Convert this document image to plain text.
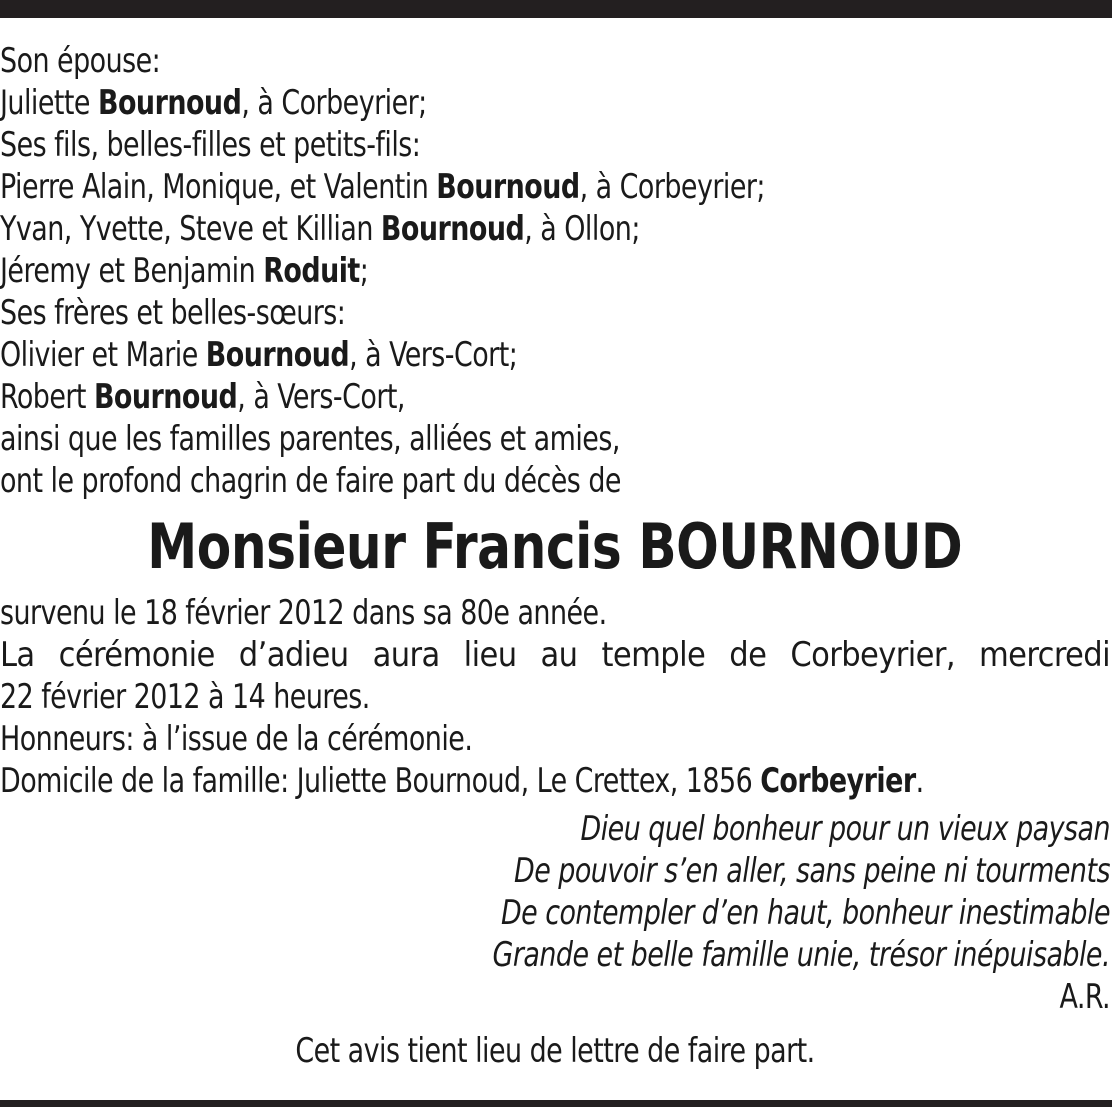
Son épouse:
Juliette Bournoud, à Corbeyrier;
Ses fils, belles-filles et petits-fils:
Pierre Alain, Monique, et Valentin Bournoud, à Corbeyrier;
Yvan, Yvette, Steve et Killian Bournoud, à Ollon;
Jéremy et Benjamin Roduit;
Ses frères et belles-sœurs:
Olivier et Marie Bournoud, à Vers-Cort;
Robert Bournoud, à Vers-Cort,
ainsi que les familles parentes, alliées et amies,
ont le profond chagrin de faire part du décès de
Monsieur Francis BOURNOUD
survenu le 18 février 2012 dans sa 80e année.
La cérémonie d’adieu aura lieu au temple de Corbeyrier, mercredi
22 février 2012 à 14 heures.
Honneurs: à l’issue de la cérémonie.
Domicile de la famille: Juliette Bournoud, Le Crettex, 1856 Corbeyrier.
Dieu quel bonheur pour un vieux paysan
De pouvoir s’en aller, sans peine ni tourments
De contempler d’en haut, bonheur inestimable
Grande et belle famille unie, trésor inépuisable.
A.R.
Cet avis tient lieu de lettre de faire part.
